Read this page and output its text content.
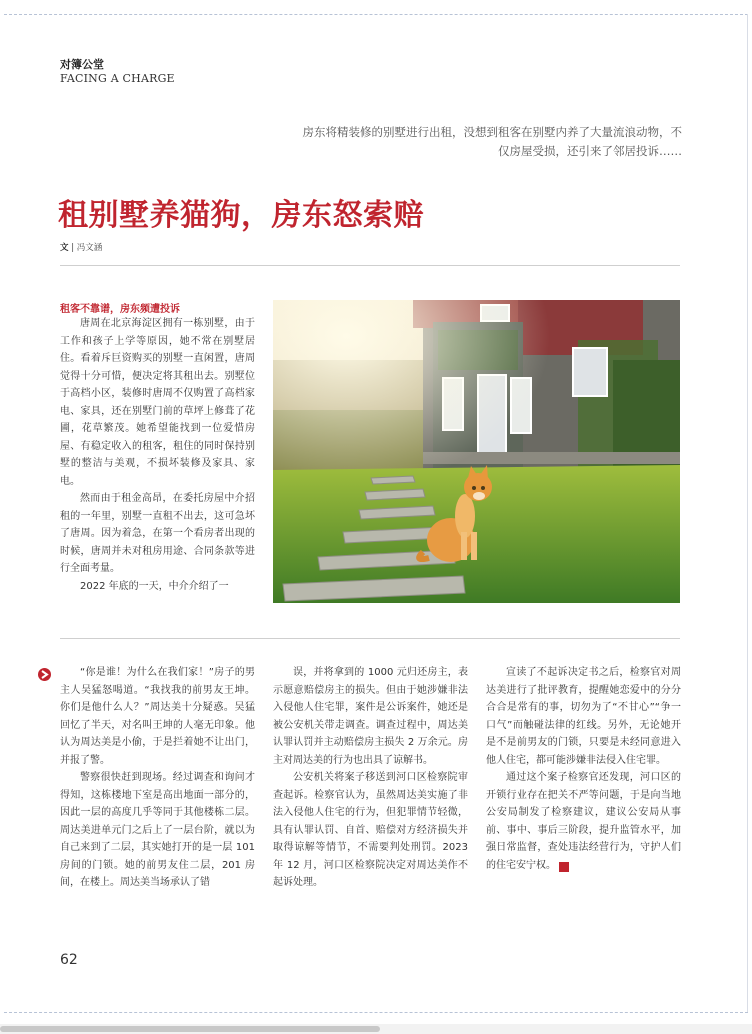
对簿公堂
FACING A CHARGE
房东将精装修的别墅进行出租，没想到租客在别墅内养了大量流浪动物，不仅房屋受损，还引来了邻居投诉……
租别墅养猫狗，房东怒索赔
文 | 冯文涵
租客不靠谱，房东频遭投诉

唐周在北京海淀区拥有一栋别墅，由于工作和孩子上学等原因，她不常在别墅居住。看着斥巨资购买的别墅一直闲置，唐周觉得十分可惜，便决定将其租出去。别墅位于高档小区，装修时唐周不仅购置了高档家电、家具，还在别墅门前的草坪上修葺了花圃，花草繁茂。她希望能找到一位爱惜房屋、有稳定收入的租客，租住的同时保持别墅的整洁与美观，不损坏装修及家具、家电。

然而由于租金高昂，在委托房屋中介招租的一年里，别墅一直租不出去，这可急坏了唐周。因为着急，在第一个看房者出现的时候，唐周并未对租房用途、合同条款等进行全面考量。

2022 年底的一天，中介介绍了一

“你是谁！为什么在我们家！”房子的男主人吴猛怒喝道。“我找我的前男友王坤。你们是他什么人？”周达美十分疑惑。吴猛回忆了半天，对名叫王坤的人毫无印象。他认为周达美是小偷，于是拦着她不让出门，并报了警。

警察很快赶到现场。经过调查和询问才得知，这栋楼地下室是高出地面一部分的，因此一层的高度几乎等同于其他楼栋二层。周达美进单元门之后上了一层台阶，就以为自己来到了二层，其实她打开的是一层 101 房间的门锁。她的前男友住二层，201 房间，在楼上。周达美当场承认了错

误，并将拿到的 1000 元归还房主，表示愿意赔偿房主的损失。但由于她涉嫌非法入侵他人住宅罪，案件是公诉案件，她还是被公安机关带走调查。调查过程中，周达美认罪认罚并主动赔偿房主损失 2 万余元。房主对周达美的行为也出具了谅解书。

公安机关将案子移送到河口区检察院审查起诉。检察官认为，虽然周达美实施了非法入侵他人住宅的行为，但犯罪情节轻微，具有认罪认罚、自首、赔偿对方经济损失并取得谅解等情节，不需要判处刑罚。2023 年 12 月，河口区检察院决定对周达美作不起诉处理。

宣读了不起诉决定书之后，检察官对周达美进行了批评教育，提醒她恋爱中的分分合合是常有的事，切勿为了“不甘心”“争一口气”而触碰法律的红线。另外，无论她开是不是前男友的门锁，只要是未经同意进入他人住宅，都可能涉嫌非法侵入住宅罪。

通过这个案子检察官还发现，河口区的开锁行业存在把关不严等问题，于是向当地公安局制发了检察建议，建议公安局从事前、事中、事后三阶段，提升监管水平，加强日常监督，查处违法经营行为，守护人们的住宅安宁权。	法

62
